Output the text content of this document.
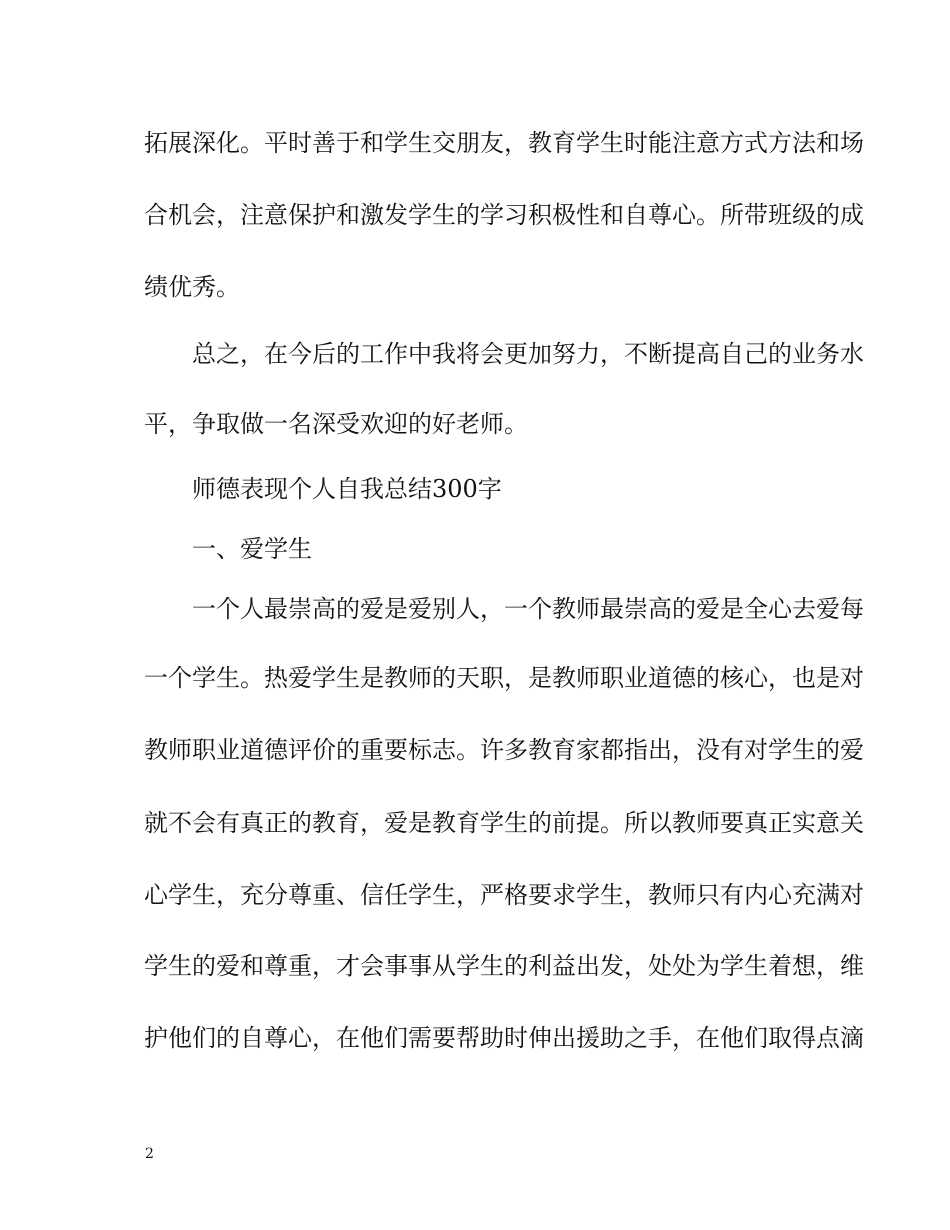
拓展深化。平时善于和学生交朋友，教育学生时能注意方式方法和场
合机会，注意保护和激发学生的学习积极性和自尊心。所带班级的成
绩优秀。
总之，在今后的工作中我将会更加努力，不断提高自己的业务水
平，争取做一名深受欢迎的好老师。
师德表现个人自我总结300字
一、爱学生
一个人最崇高的爱是爱别人，一个教师最崇高的爱是全心去爱每
一个学生。热爱学生是教师的天职，是教师职业道德的核心，也是对
教师职业道德评价的重要标志。许多教育家都指出，没有对学生的爱
就不会有真正的教育，爱是教育学生的前提。所以教师要真正实意关
心学生，充分尊重、信任学生，严格要求学生，教师只有内心充满对
学生的爱和尊重，才会事事从学生的利益出发，处处为学生着想，维
护他们的自尊心，在他们需要帮助时伸出援助之手，在他们取得点滴
2
